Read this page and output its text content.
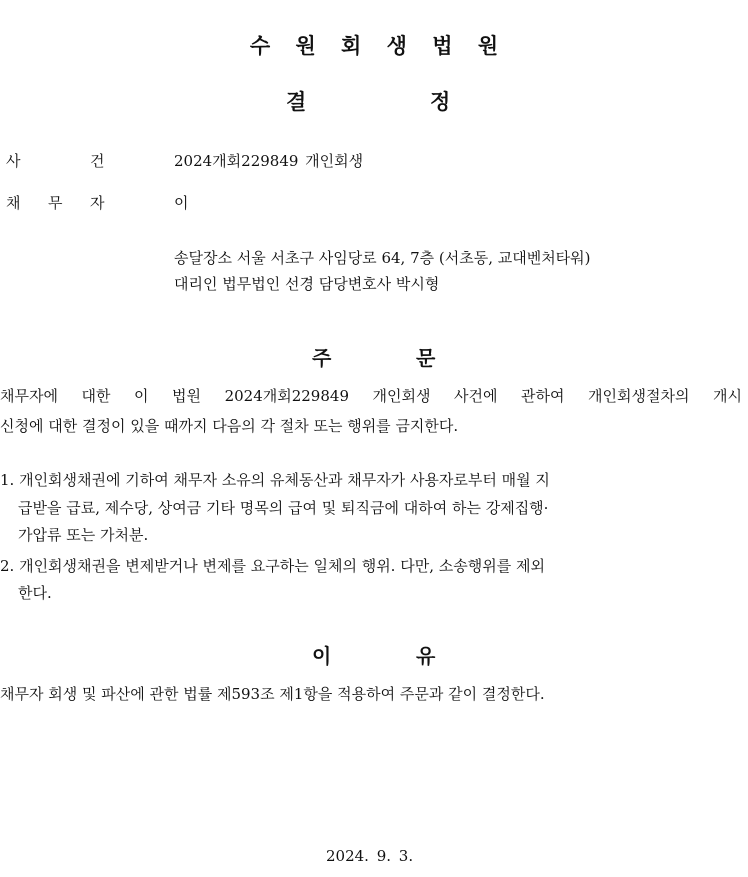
수 원 회 생 법 원
결	정
사	건	2024개회229849 개인회생
채 무 자	이
송달장소 서울 서초구 사임당로 64, 7층 (서초동, 교대벤처타워)
대리인 법무법인 선경 담당변호사 박시형
주	문
채무자에 대한 이 법원 2024개회229849 개인회생 사건에 관하여 개인회생절차의 개시
신청에 대한 결정이 있을 때까지 다음의 각 절차 또는 행위를 금지한다.
1. 개인회생채권에 기하여 채무자 소유의 유체동산과 채무자가 사용자로부터 매월 지
급받을 급료, 제수당, 상여금 기타 명목의 급여 및 퇴직금에 대하여 하는 강제집행·
가압류 또는 가처분.
2. 개인회생채권을 변제받거나 변제를 요구하는 일체의 행위. 다만, 소송행위를 제외
한다.
이	유
채무자 회생 및 파산에 관한 법률 제593조 제1항을 적용하여 주문과 같이 결정한다.
2024. 9. 3.
